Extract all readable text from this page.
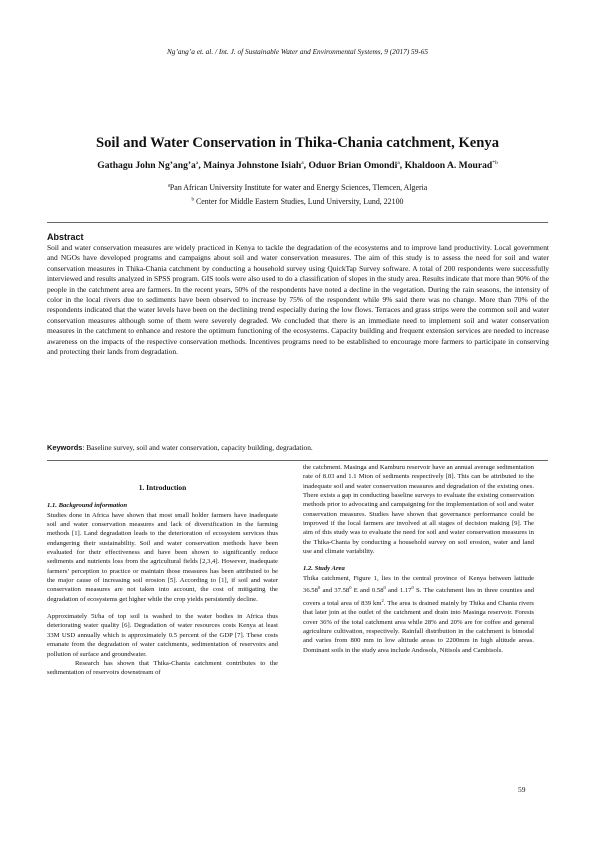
Ng’ang’a et. al. / Int. J. of Sustainable Water and Environmental Systems, 9 (2017) 59-65
Soil and Water Conservation in Thika-Chania catchment, Kenya
Gathagu John $Ng’ang’a^a$, Mainya Johnstone Isiah$^a$, Oduor Brian Omondi$^a$, Khaldoon A. Mourad$^{*b}$
$^a$Pan African University Institute for water and Energy Sciences, Tlemcen, Algeria
$^b$ Center for Middle Eastern Studies, Lund University, Lund, 22100
Abstract

Soil and water conservation measures are widely practiced in Kenya to tackle the degradation of the ecosystems and to improve land productivity. Local government and NGOs have developed programs and campaigns about soil and water conservation measures. The aim of this study is to assess the need for soil and water conservation measures in Thika-Chania catchment by conducting a household survey using QuickTap Survey software. A total of 200 respondents were successfully interviewed and results analyzed in SPSS program. GIS tools were also used to do a classification of slopes in the study area. Results indicate that more than 90% of the people in the catchment area are farmers. In the recent years, 50% of the respondents have noted a decline in the vegetation. During the rain seasons, the intensity of color in the local rivers due to sediments have been observed to increase by 75% of the respondent while 9% said there was no change. More than 70% of the respondents indicated that the water levels have been on the declining trend especially during the low flows. Terraces and grass strips were the common soil and water conservation measures although some of them were severely degraded. We concluded that there is an immediate need to implement soil and water conservation measures in the catchment to enhance and restore the optimum functioning of the ecosystems. Capacity building and frequent extension services are needed to increase awareness on the impacts of the respective conservation methods. Incentives programs need to be established to encourage more farmers to participate in conserving and protecting their lands from degradation.

Keywords: Baseline survey, soil and water conservation, capacity building, degradation.
1. Introduction

1.1. Background information

Studies done in Africa have shown that most small holder farmers have inadequate soil and water conservation measures and lack of diversification in the farming methods [1]. Land degradation leads to the deterioration of ecosystem services thus endangering their sustainability. Soil and water conservation methods have been evaluated for their effectiveness and have been shown to significantly reduce sediments and nutrients loss from the agricultural fields [2,3,4]. However, inadequate farmers’ perception to practice or maintain those measures has been attributed to be the major cause of increasing soil erosion [5]. According to [1], if soil and water conservation measures are not taken into account, the cost of mitigating the degradation of ecosystems get higher while the crop yields persistently decline.

Approximately 5t/ha of top soil is washed to the water bodies in Africa thus deteriorating water quality [6]. Degradation of water resources costs Kenya at least 33M USD annually which is approximately 0.5 percent of the GDP [7]. These costs emanate from the degradation of water catchments, sedimentation of reservoirs and pollution of surface and groundwater.

Research has shown that Thika-Chania catchment contributes to the sedimentation of reservoirs downstream of

the catchment. Masinga and Kamburu reservoir have an annual average sedimentation rate of 8.03 and 1.1 Mton of sediments respectively [8]. This can be attributed to the inadequate soil and water conservation measures and degradation of the existing ones. There exists a gap in conducting baseline surveys to evaluate the existing conservation methods prior to advocating and campaigning for the implementation of soil and water conservation measures. Studies have shown that governance performance could be improved if the local farmers are involved at all stages of decision making [9]. The aim of this study was to evaluate the need for soil and water conservation measures in the Thika-Chania by conducting a household survey on soil erosion, water and land use and climate variability.

1.2. Study Area

Thika catchment, Figure 1, lies in the central province of Kenya between latitude 36.58$^0$ and 37.58$^0$ E and 0.58$^0$ and 1.17$^0$ S. The catchment lies in three counties and covers a total area of 839 $km^2$. The area is drained mainly by Thika and Chania rivers that later join at the outlet of the catchment and drain into Masinga reservoir. Forests cover 36% of the total catchment area while 28% and 20% are for coffee and general agriculture cultivation, respectively. Rainfall distribution in the catchment is bimodal and varies from 800 mm in low altitude areas to 2200mm in high altitude areas. Dominant soils in the study area include Andosols, Nitisols and Cambisols.

59
